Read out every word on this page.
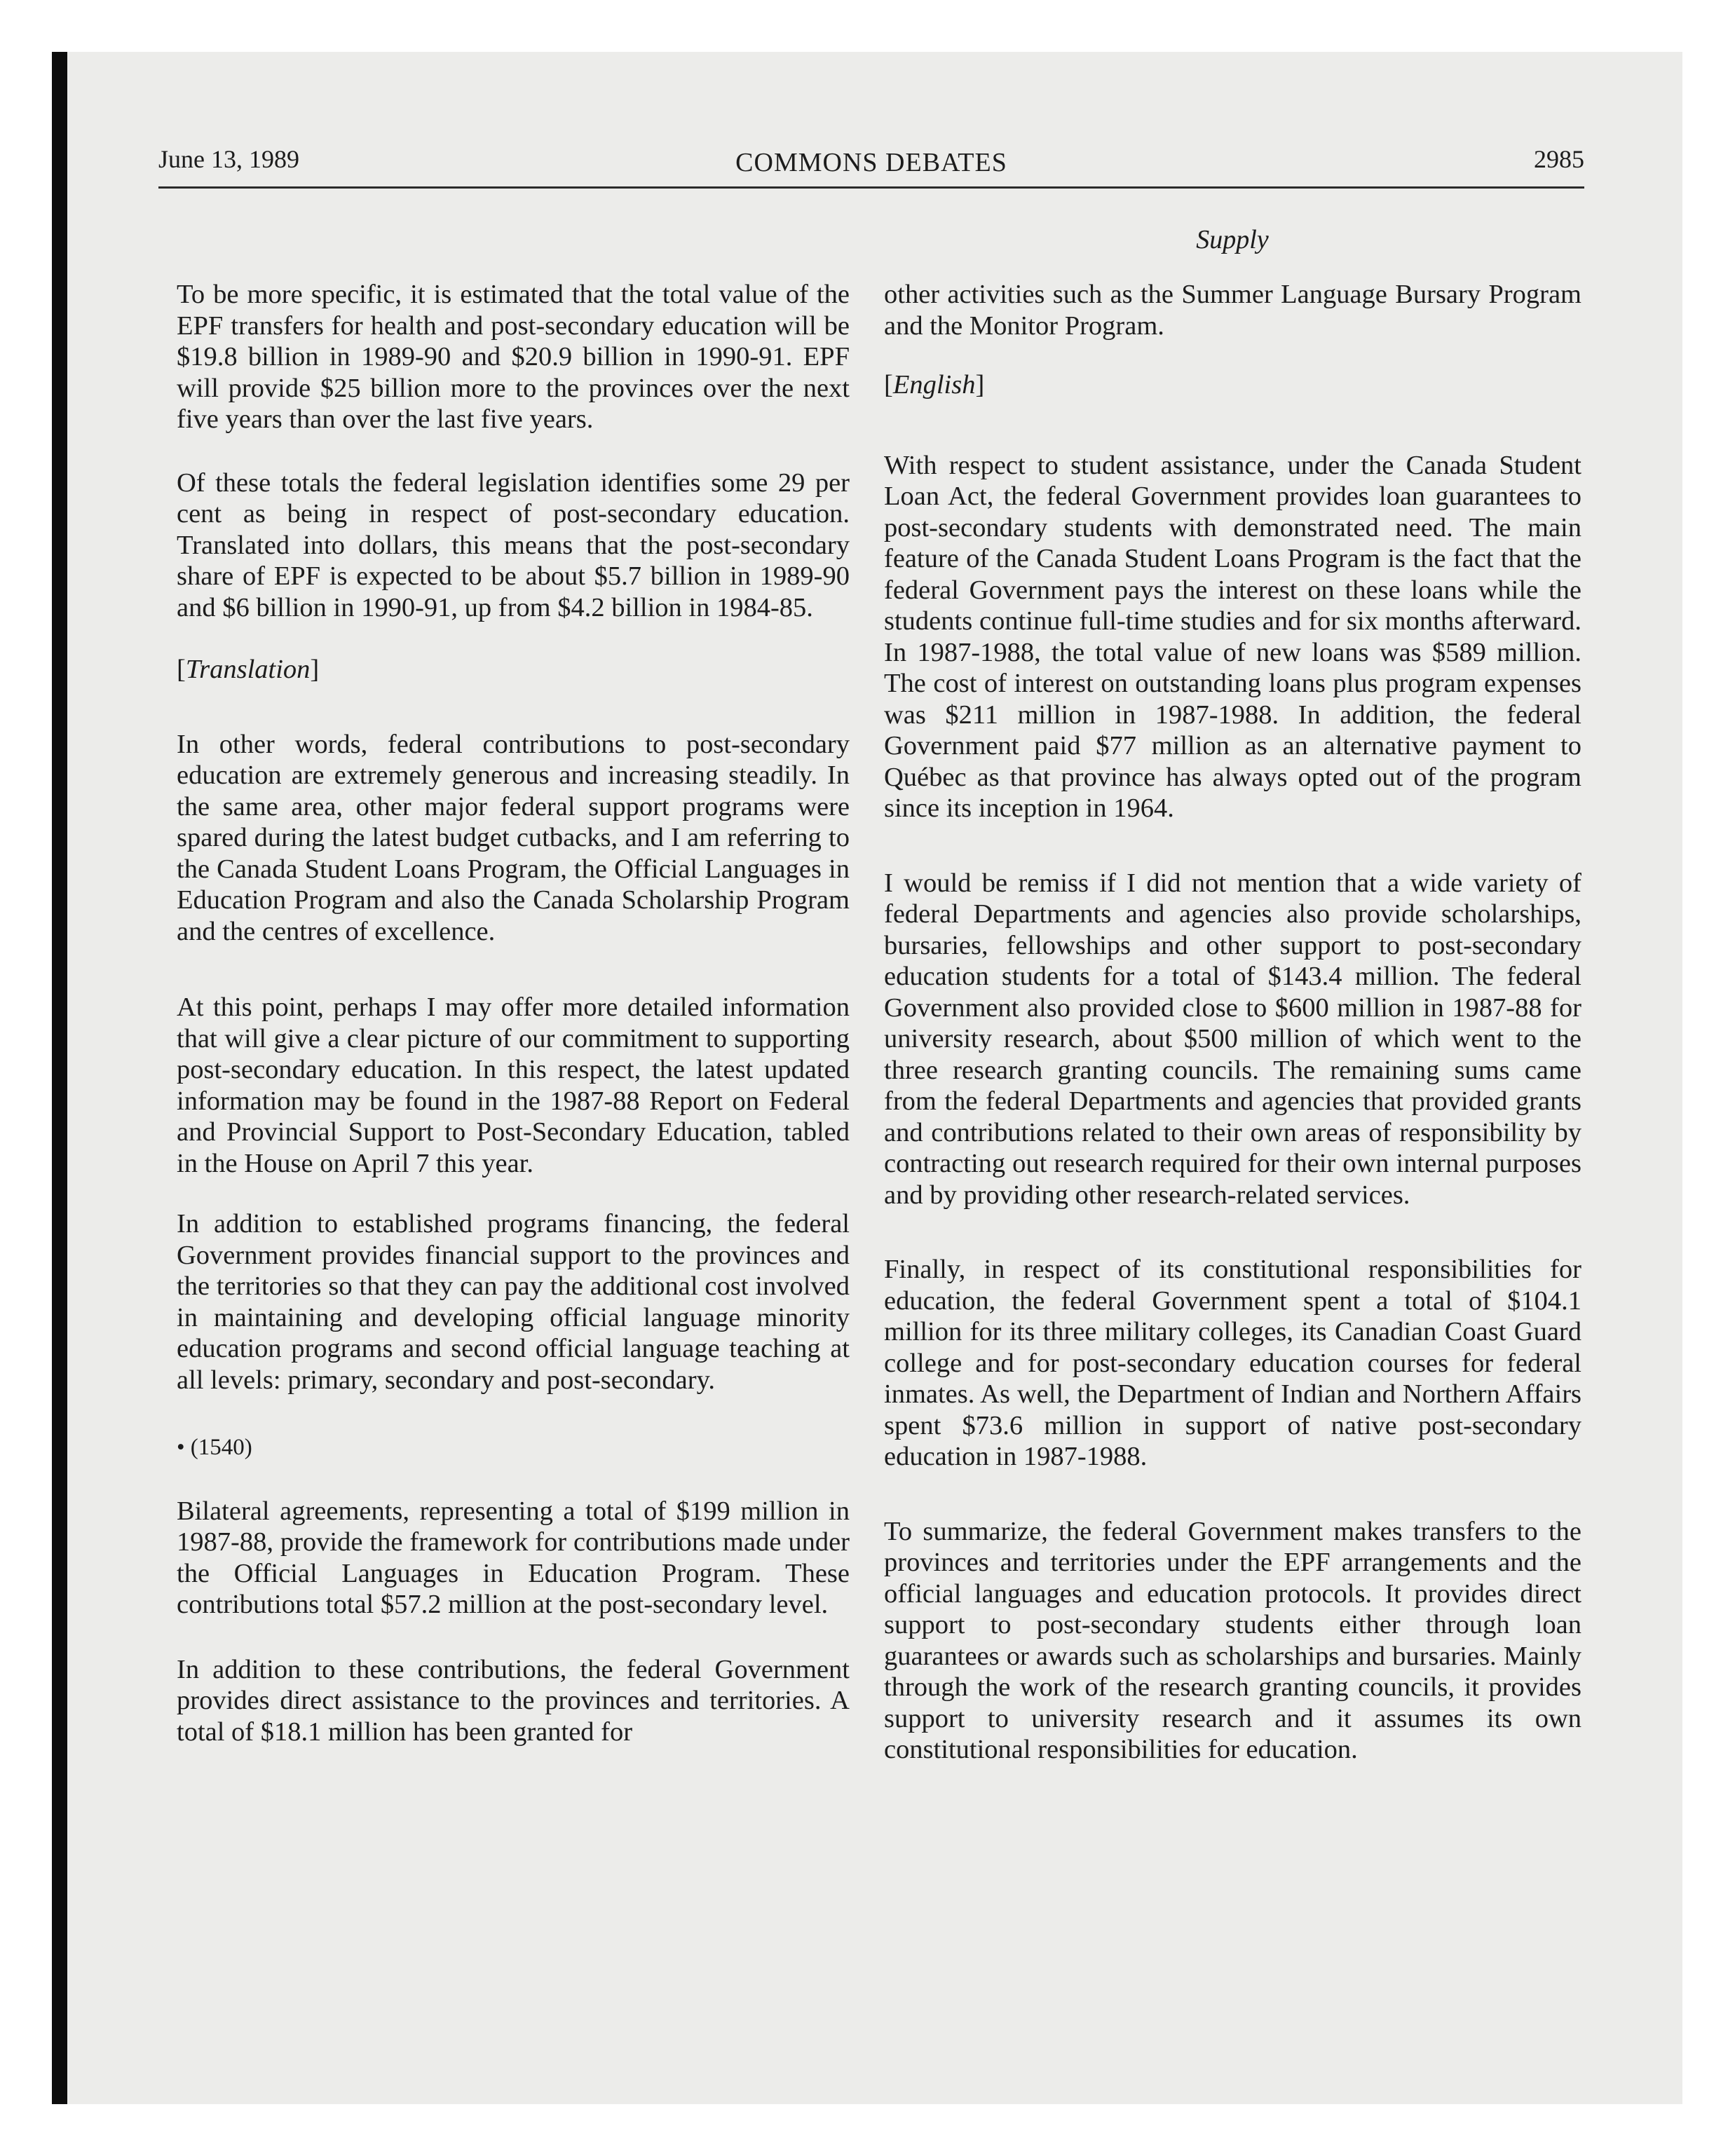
June 13, 1989	COMMONS DEBATES	2985
Supply

To be more specific, it is estimated that the total value of the EPF transfers for health and post-secondary education will be $19.8 billion in 1989-90 and $20.9 billion in 1990-91. EPF will provide $25 billion more to the provinces over the next five years than over the last five years.

Of these totals the federal legislation identifies some 29 per cent as being in respect of post-secondary education. Translated into dollars, this means that the post-secondary share of EPF is expected to be about $5.7 billion in 1989-90 and $6 billion in 1990-91, up from $4.2 billion in 1984-85.

[Translation]

In other words, federal contributions to post-secondary education are extremely generous and increasing steadily. In the same area, other major federal support programs were spared during the latest budget cutbacks, and I am referring to the Canada Student Loans Program, the Official Languages in Education Program and also the Canada Scholarship Program and the centres of excellence.

At this point, perhaps I may offer more detailed information that will give a clear picture of our commitment to supporting post-secondary education. In this respect, the latest updated information may be found in the 1987-88 Report on Federal and Provincial Support to Post-Secondary Education, tabled in the House on April 7 this year.

In addition to established programs financing, the federal Government provides financial support to the provinces and the territories so that they can pay the additional cost involved in maintaining and developing official language minority education programs and second official language teaching at all levels: primary, secondary and post-secondary.

• (1540)

Bilateral agreements, representing a total of $199 million in 1987-88, provide the framework for contributions made under the Official Languages in Education Program. These contributions total $57.2 million at the post-secondary level.

In addition to these contributions, the federal Government provides direct assistance to the provinces and territories. A total of $18.1 million has been granted for

other activities such as the Summer Language Bursary Program and the Monitor Program.

[English]

With respect to student assistance, under the Canada Student Loan Act, the federal Government provides loan guarantees to post-secondary students with demonstrated need. The main feature of the Canada Student Loans Program is the fact that the federal Government pays the interest on these loans while the students continue full-time studies and for six months afterward. In 1987-1988, the total value of new loans was $589 million. The cost of interest on outstanding loans plus program expenses was $211 million in 1987-1988. In addition, the federal Government paid $77 million as an alternative payment to Québec as that province has always opted out of the program since its inception in 1964.

I would be remiss if I did not mention that a wide variety of federal Departments and agencies also provide scholarships, bursaries, fellowships and other support to post-secondary education students for a total of $143.4 million. The federal Government also provided close to $600 million in 1987-88 for university research, about $500 million of which went to the three research granting councils. The remaining sums came from the federal Departments and agencies that provided grants and contributions related to their own areas of responsibility by contracting out research required for their own internal purposes and by providing other research-related services.

Finally, in respect of its constitutional responsibilities for education, the federal Government spent a total of $104.1 million for its three military colleges, its Canadian Coast Guard college and for post-secondary education courses for federal inmates. As well, the Department of Indian and Northern Affairs spent $73.6 million in support of native post-secondary education in 1987-1988.

To summarize, the federal Government makes transfers to the provinces and territories under the EPF arrangements and the official languages and education protocols. It provides direct support to post-secondary students either through loan guarantees or awards such as scholarships and bursaries. Mainly through the work of the research granting councils, it provides support to university research and it assumes its own constitutional responsibilities for education.
